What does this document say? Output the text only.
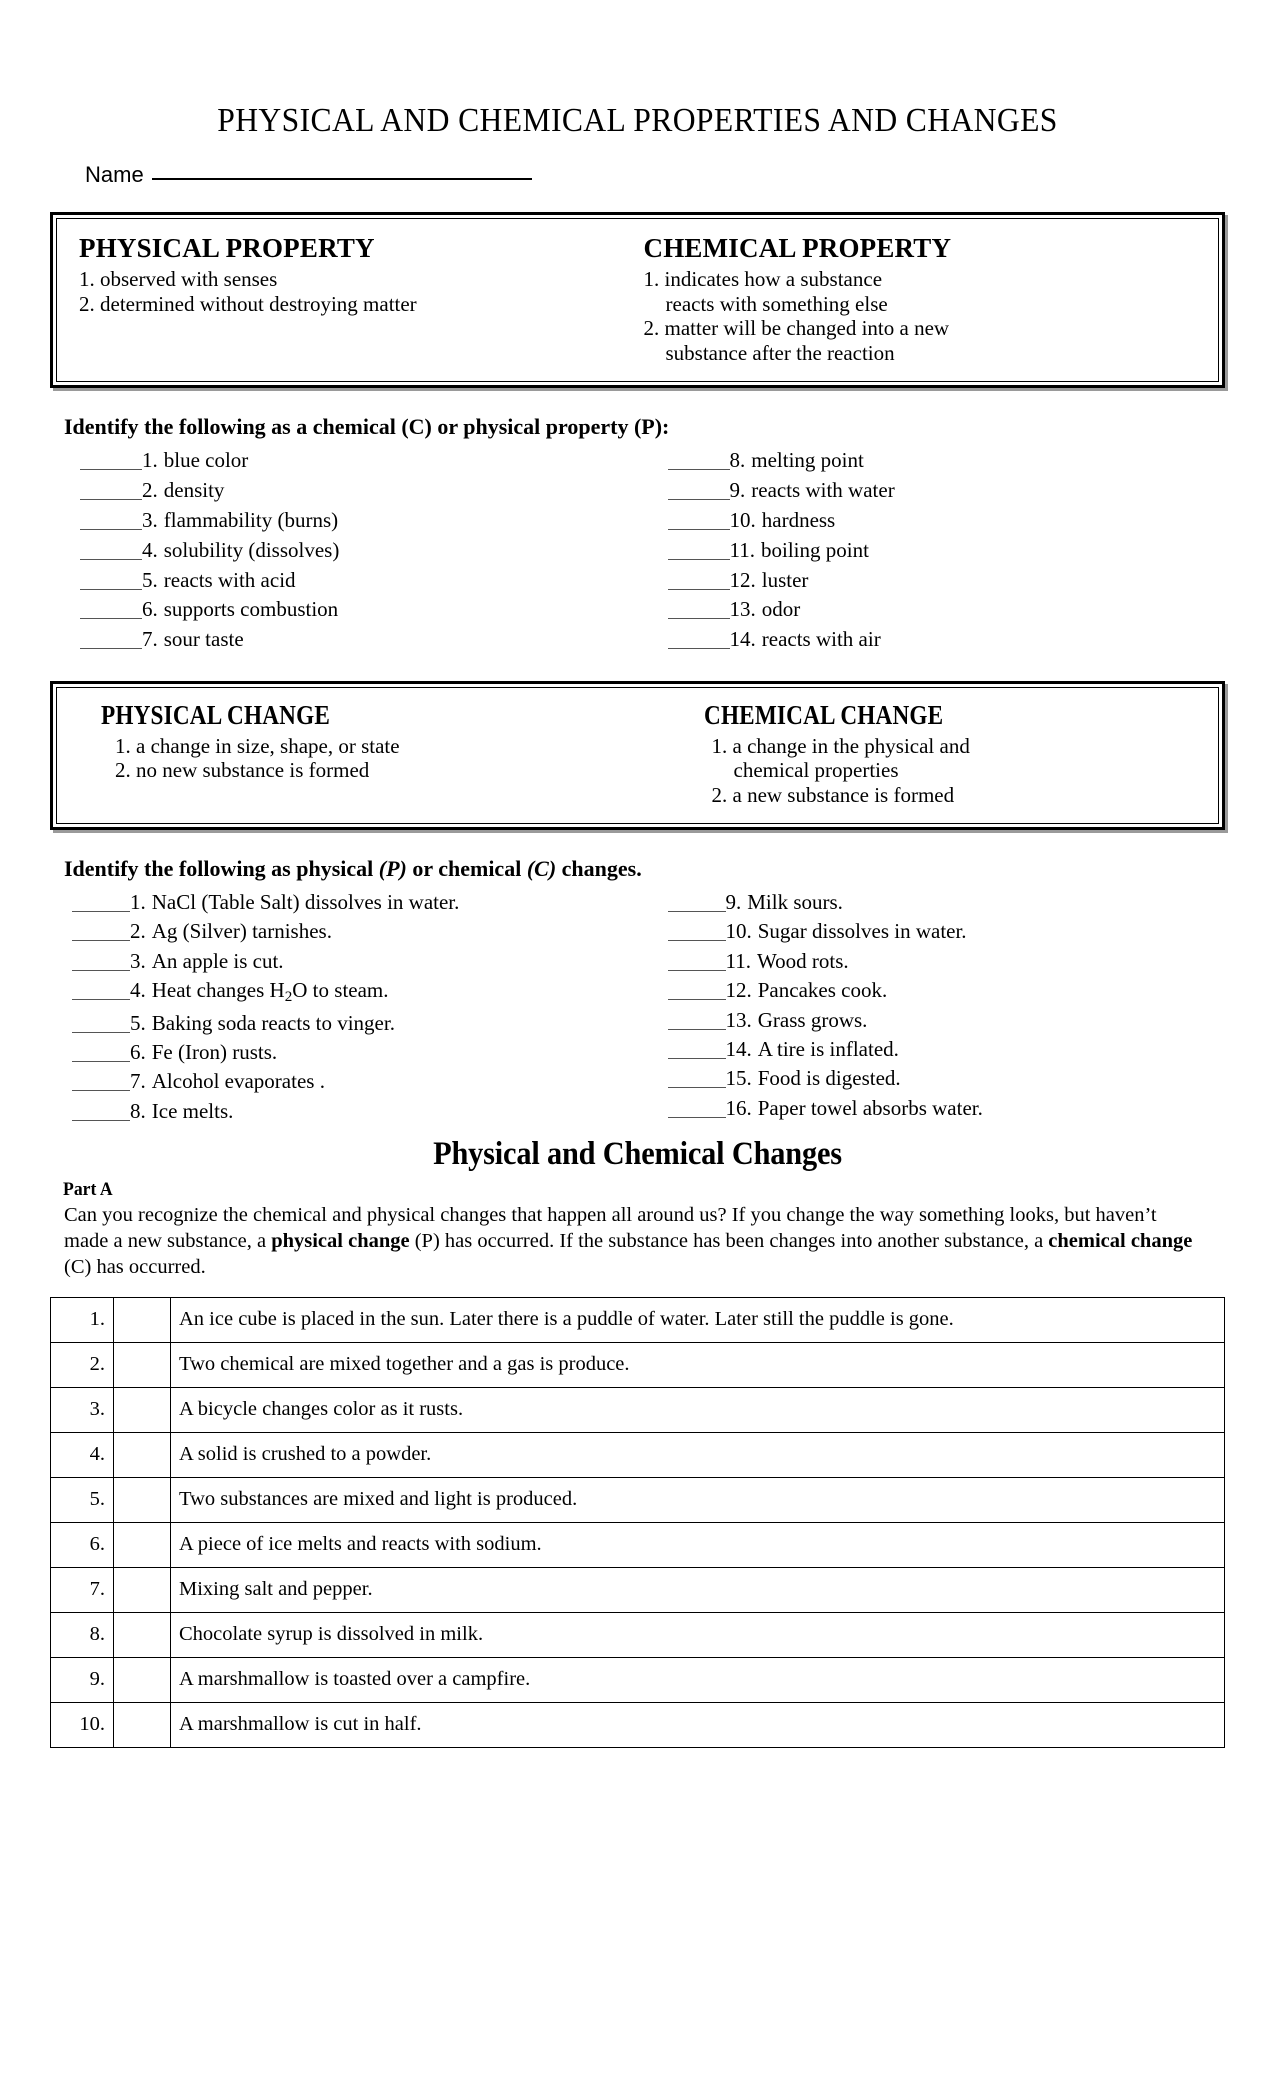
PHYSICAL AND CHEMICAL PROPERTIES AND CHANGES
Name
PHYSICAL PROPERTY
1. observed with senses
2. determined without destroying matter
CHEMICAL PROPERTY
1. indicates how a substance
reacts with something else
2. matter will be changed into a new
substance after the reaction
Identify the following as a chemical (C) or physical property (P):
1. blue color
2. density
3. flammability (burns)
4. solubility (dissolves)
5. reacts with acid
6. supports combustion
7. sour taste
8. melting point
9. reacts with water
10. hardness
11. boiling point
12. luster
13. odor
14. reacts with air
PHYSICAL CHANGE
1. a change in size, shape, or state
2. no new substance is formed
CHEMICAL CHANGE
1. a change in the physical and
chemical properties
2. a new substance is formed
Identify the following as physical (P) or chemical (C) changes.
1. NaCl (Table Salt) dissolves in water.
2. Ag (Silver) tarnishes.
3. An apple is cut.
4. Heat changes $H_2O$ to steam.
5. Baking soda reacts to vinger.
6. Fe (Iron) rusts.
7. Alcohol evaporates .
8. Ice melts.
9. Milk sours.
10. Sugar dissolves in water.
11. Wood rots.
12. Pancakes cook.
13. Grass grows.
14. A tire is inflated.
15. Food is digested.
16. Paper towel absorbs water.
Physical and Chemical Changes
Part A

Can you recognize the chemical and physical changes that happen all around us? If you change the way something looks, but haven’t made a new substance, a physical change (P) has occurred. If the substance has been changes into another substance, a chemical change (C) has occurred.

1.		An ice cube is placed in the sun. Later there is a puddle of water. Later still the puddle is gone.
2.		Two chemical are mixed together and a gas is produce.
3.		A bicycle changes color as it rusts.
4.		A solid is crushed to a powder.
5.		Two substances are mixed and light is produced.
6.		A piece of ice melts and reacts with sodium.
7.		Mixing salt and pepper.
8.		Chocolate syrup is dissolved in milk.
9.		A marshmallow is toasted over a campfire.
10.		A marshmallow is cut in half.
